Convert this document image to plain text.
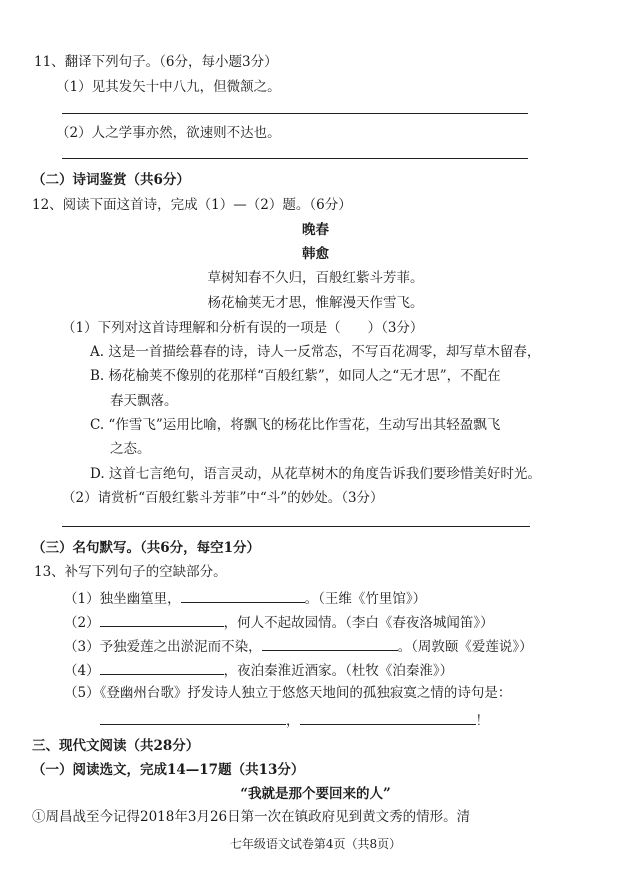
11、翻译下列句子。（6分，每小题3分）
（1）见其发矢十中八九，但微颔之。
（2）人之学事亦然，欲速则不达也。
（二）诗词鉴赏（共6分）
12、阅读下面这首诗，完成（1）—（2）题。（6分）
晚春
韩愈
草树知春不久归，百般红紫斗芳菲。
杨花榆荚无才思，惟解漫天作雪飞。
（1）下列对这首诗理解和分析有误的一项是（　　）（3分）
A. 这是一首描绘暮春的诗，诗人一反常态，不写百花凋零，却写草木留春，
B. 杨花榆荚不像别的花那样“百般红紫”，如同人之“无才思”，不配在
春天飘落。
C. “作雪飞”运用比喻，将飘飞的杨花比作雪花，生动写出其轻盈飘飞
之态。
D. 这首七言绝句，语言灵动，从花草树木的角度告诉我们要珍惜美好时光。
（2）请赏析“百般红紫斗芳菲”中“斗”的妙处。（3分）
（三）名句默写。（共6分，每空1分）
13、补写下列句子的空缺部分。
（1）独坐幽篁里，	。（王维《竹里馆》）
（2）	，何人不起故园情。（李白《春夜洛城闻笛》）
（3）予独爱莲之出淤泥而不染，	。（周敦颐《爱莲说》）
（4）	，夜泊秦淮近酒家。（杜牧《泊秦淮》）
（5）《登幽州台歌》抒发诗人独立于悠悠天地间的孤独寂寞之情的诗句是：
，	！
三、现代文阅读（共28分）
（一）阅读选文，完成14—17题（共13分）
“我就是那个要回来的人”
①周昌战至今记得2018年3月26日第一次在镇政府见到黄文秀的情形。清
七年级语文试卷第4页（共8页）
